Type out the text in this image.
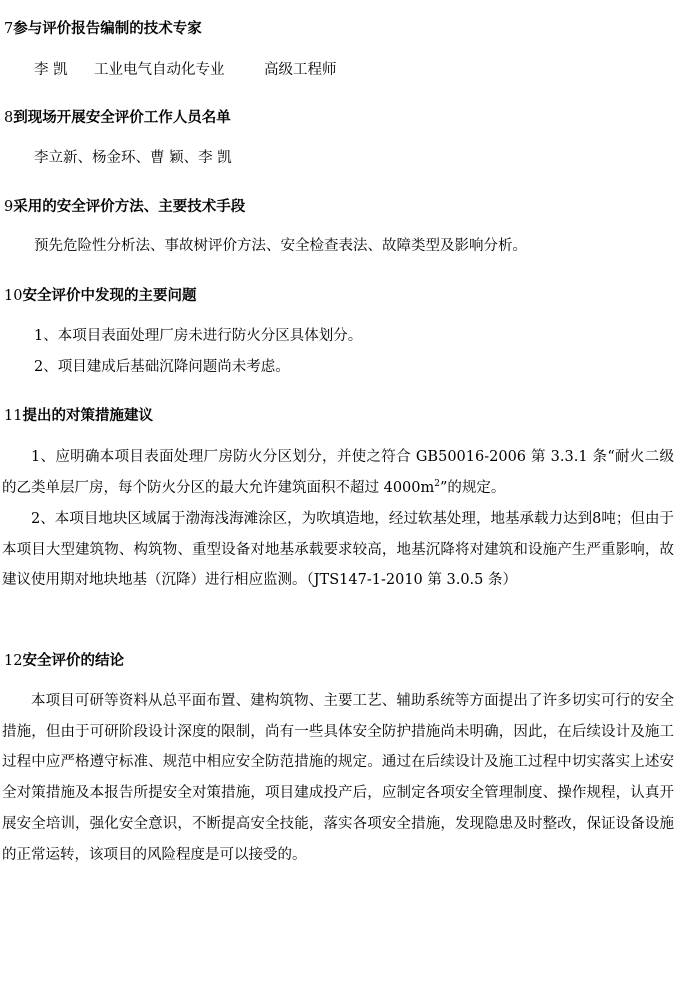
7参与评价报告编制的技术专家
李 凯 工业电气自动化专业	高级工程师
8到现场开展安全评价工作人员名单
李立新、杨金环、曹 颖、李 凯
9采用的安全评价方法、主要技术手段
预先危险性分析法、事故树评价方法、安全检查表法、故障类型及影响分析。
10安全评价中发现的主要问题
1、本项目表面处理厂房未进行防火分区具体划分。
2、项目建成后基础沉降问题尚未考虑。
11提出的对策措施建议
1、应明确本项目表面处理厂房防火分区划分，并使之符合 GB50016-2006 第 3.3.1 条“耐火二级的乙类单层厂房，每个防火分区的最大允许建筑面积不超过 $4000m^2$”的规定。
2、本项目地块区域属于渤海浅海滩涂区，为吹填造地，经过软基处理，地基承载力达到8吨；但由于本项目大型建筑物、构筑物、重型设备对地基承载要求较高，地基沉降将对建筑和设施产生严重影响，故建议使用期对地块地基（沉降）进行相应监测。（JTS147-1-2010 第 3.0.5 条）
12安全评价的结论
本项目可研等资料从总平面布置、建构筑物、主要工艺、辅助系统等方面提出了许多切实可行的安全措施，但由于可研阶段设计深度的限制，尚有一些具体安全防护措施尚未明确，因此，在后续设计及施工过程中应严格遵守标准、规范中相应安全防范措施的规定。通过在后续设计及施工过程中切实落实上述安全对策措施及本报告所提安全对策措施，项目建成投产后，应制定各项安全管理制度、操作规程，认真开展安全培训，强化安全意识，不断提高安全技能，落实各项安全措施，发现隐患及时整改，保证设备设施的正常运转，该项目的风险程度是可以接受的。
